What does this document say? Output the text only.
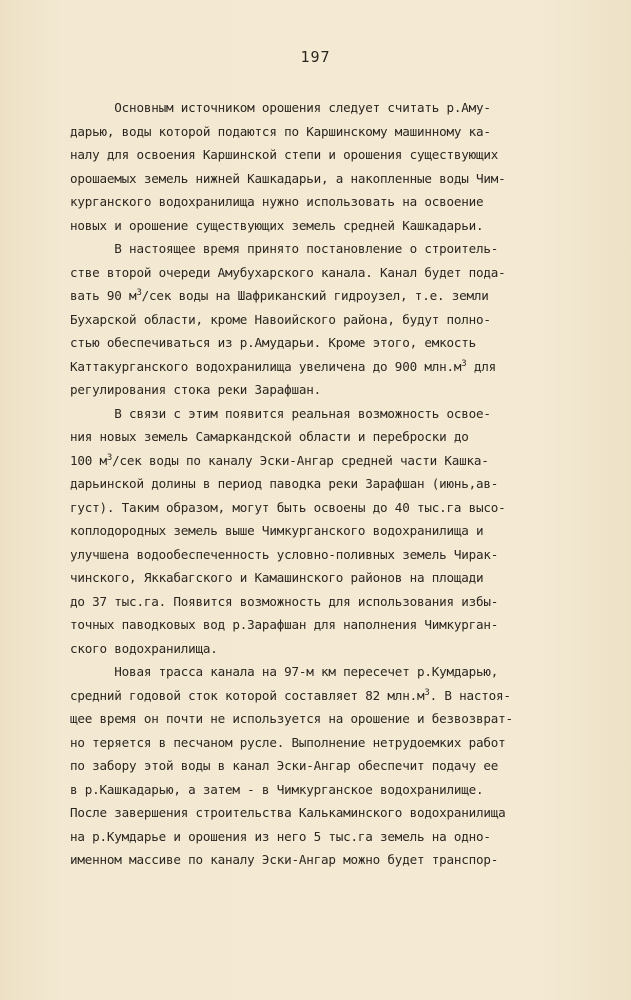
197
Основным источником орошения следует считать р.Аму-
дарью, воды которой подаются по Каршинскому машинному ка-
налу для освоения Каршинской степи и орошения существующих
орошаемых земель нижней Кашкадарьи, а накопленные воды Чим-
курганского водохранилища нужно использовать на освоение
новых и орошение существующих земель средней Кашкадарьи.
В настоящее время принято постановление о строитель-
стве второй очереди Амубухарского канала. Канал будет пода-
вать 90 $м^3$/сек воды на Шафриканский гидроузел, т.е. земли
Бухарской области, кроме Навоийского района, будут полно-
стью обеспечиваться из р.Амударьи. Кроме этого, емкость
Каттакурганского водохранилища увеличена до 900 $млн.м^3$ для
регулирования стока реки Зарафшан.
В связи с этим появится реальная возможность освое-
ния новых земель Самаркандской области и переброски до
100 $м^3$/сек воды по каналу Эски-Ангар средней части Кашка-
дарьинской долины в период паводка реки Зарафшан (июнь,ав-
густ). Таким образом, могут быть освоены до 40 тыс.га высо-
коплодородных земель выше Чимкурганского водохранилища и
улучшена водообеспеченность условно-поливных земель Чирак-
чинского, Яккабагского и Камашинского районов на площади
до 37 тыс.га. Появится возможность для использования избы-
точных паводковых вод р.Зарафшан для наполнения Чимкурган-
ского водохранилища.
Новая трасса канала на 97-м км пересечет р.Кумдарью,
средний годовой сток которой составляет 82 $млн.м^3$. В настоя-
щее время он почти не используется на орошение и безвозврат-
но теряется в песчаном русле. Выполнение нетрудоемких работ
по забору этой воды в канал Эски-Ангар обеспечит подачу ее
в р.Кашкадарью, а затем - в Чимкурганское водохранилище.
После завершения строительства Калькаминского водохранилища
на р.Кумдарье и орошения из него 5 тыс.га земель на одно-
именном массиве по каналу Эски-Ангар можно будет транспор-
